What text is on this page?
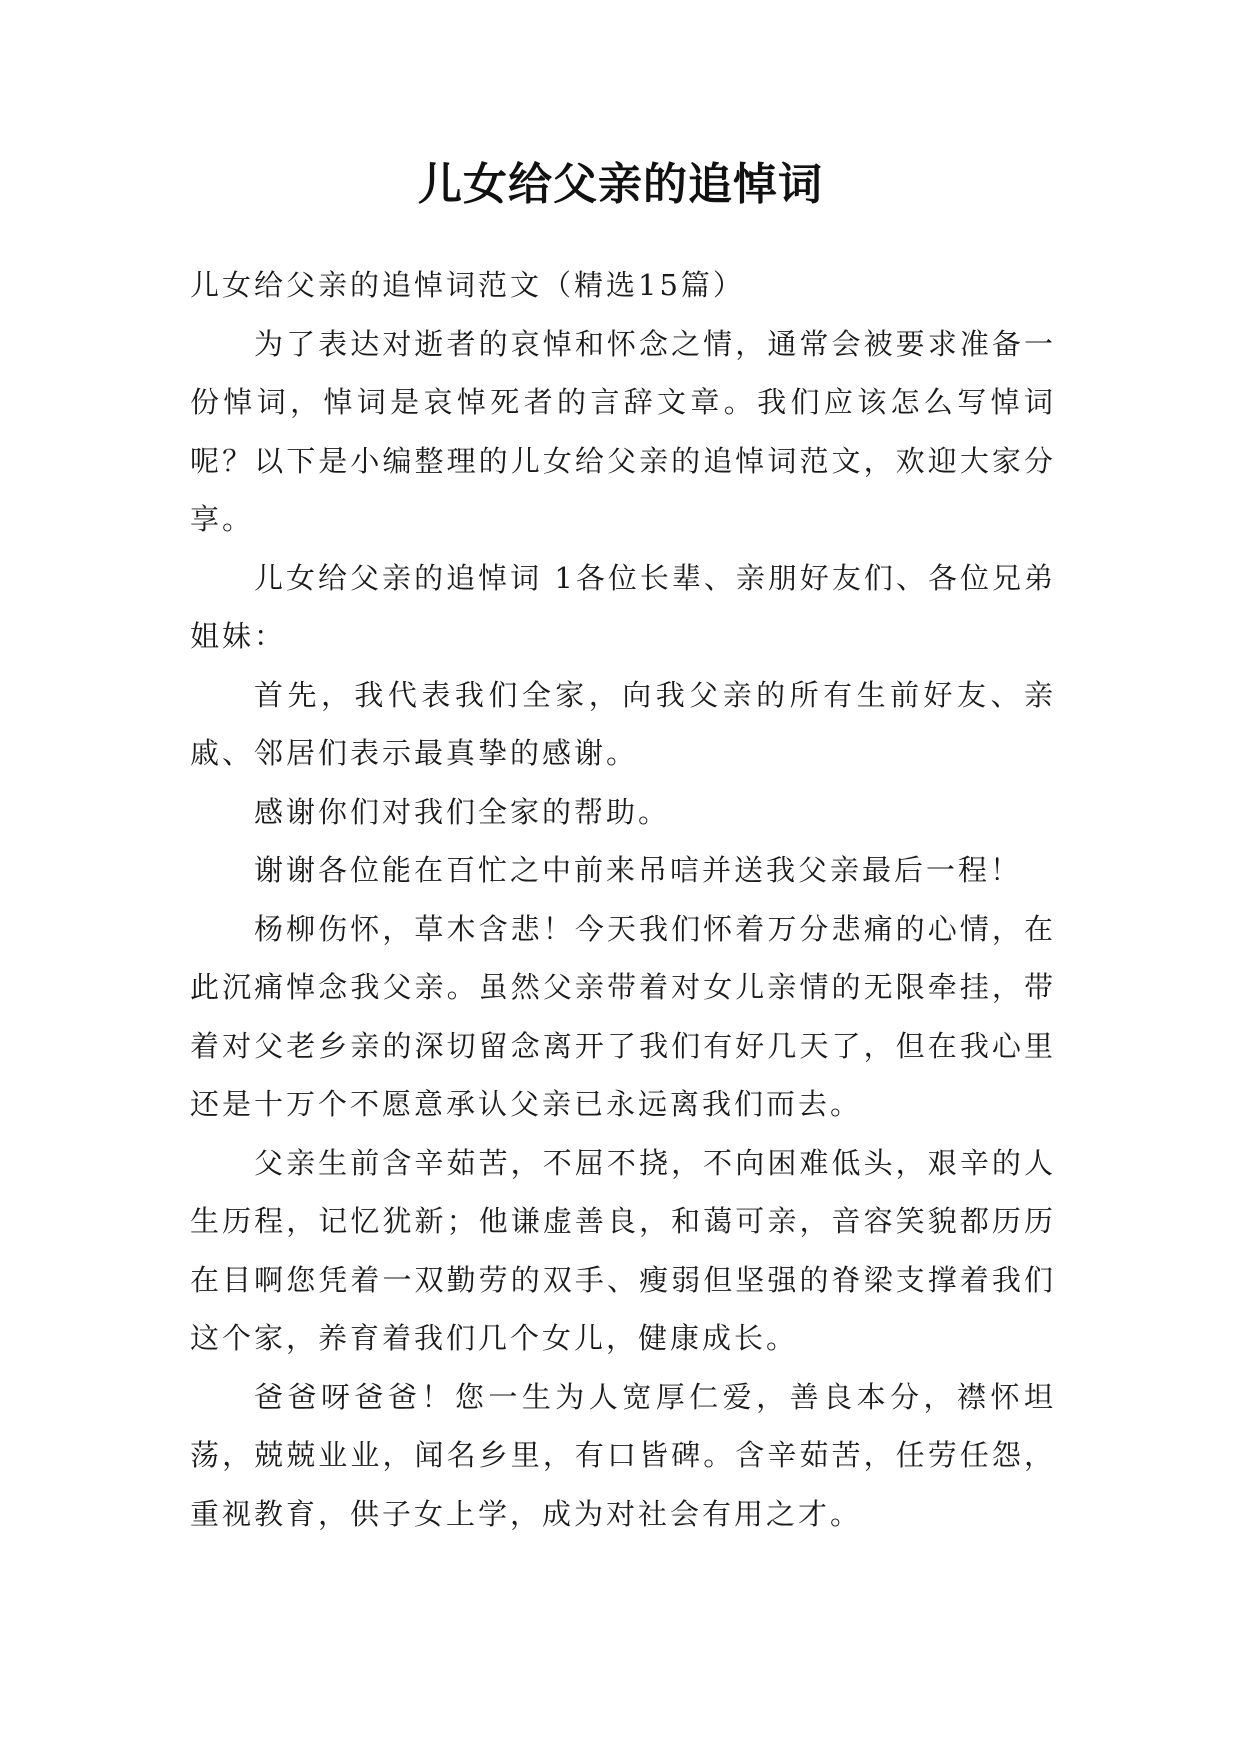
儿女给父亲的追悼词

儿女给父亲的追悼词范文（精选15篇）

为了表达对逝者的哀悼和怀念之情，通常会被要求准备一份悼词，悼词是哀悼死者的言辞文章。我们应该怎么写悼词呢？以下是小编整理的儿女给父亲的追悼词范文，欢迎大家分享。

儿女给父亲的追悼词 1各位长辈、亲朋好友们、各位兄弟姐妹：

首先，我代表我们全家，向我父亲的所有生前好友、亲戚、邻居们表示最真挚的感谢。

感谢你们对我们全家的帮助。

谢谢各位能在百忙之中前来吊唁并送我父亲最后一程！

杨柳伤怀，草木含悲！今天我们怀着万分悲痛的心情，在此沉痛悼念我父亲。虽然父亲带着对女儿亲情的无限牵挂，带着对父老乡亲的深切留念离开了我们有好几天了，但在我心里还是十万个不愿意承认父亲已永远离我们而去。

父亲生前含辛茹苦，不屈不挠，不向困难低头，艰辛的人生历程，记忆犹新；他谦虚善良，和蔼可亲，音容笑貌都历历在目啊您凭着一双勤劳的双手、瘦弱但坚强的脊梁支撑着我们这个家，养育着我们几个女儿，健康成长。

爸爸呀爸爸！您一生为人宽厚仁爱，善良本分，襟怀坦荡，兢兢业业，闻名乡里，有口皆碑。含辛茹苦，任劳任怨，重视教育，供子女上学，成为对社会有用之才。
